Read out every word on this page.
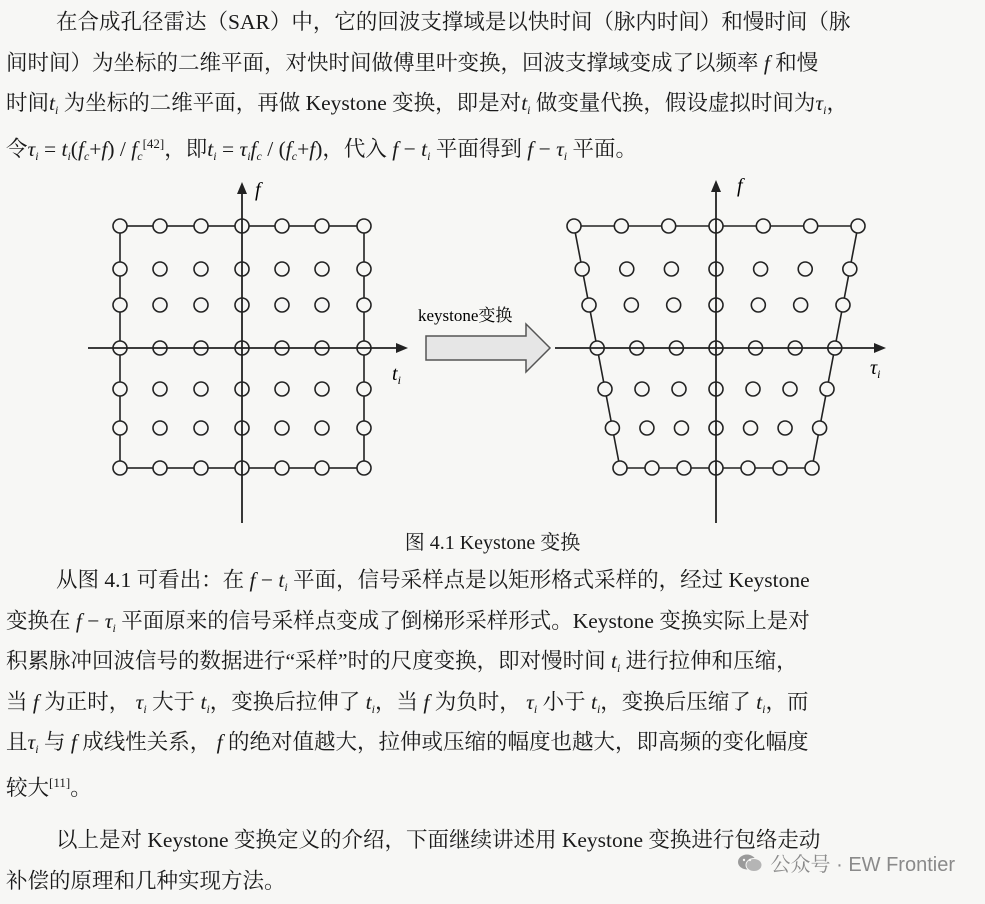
在合成孔径雷达（SAR）中，它的回波支撑域是以快时间（脉内时间）和慢时间（脉
间时间）为坐标的二维平面，对快时间做傅里叶变换，回波支撑域变成了以频率 f 和慢
时间$t_i$ 为坐标的二维平面，再做 Keystone 变换，即是对$t_i$ 做变量代换，假设虚拟时间为$\tau_i$，
令$\tau_i = t_i(f_c+f) / f_c[42]$，即$t_i = \tau_if_c / (f_c+f)$，代入 $f - t_i$ 平面得到 $f - \tau_i$ 平面。
f
$t_i$
f
$\tau_i$
keystone变换
图 4.1 Keystone 变换
从图 4.1 可看出：在 $f - t_i$ 平面，信号采样点是以矩形格式采样的，经过 Keystone
变换在 $f - \tau_i$ 平面原来的信号采样点变成了倒梯形采样形式。Keystone 变换实际上是对
积累脉冲回波信号的数据进行“采样”时的尺度变换，即对慢时间 $t_i$ 进行拉伸和压缩，
当 f 为正时， $\tau_i$ 大于 $t_i$，变换后拉伸了 $t_i$，当 f 为负时， $\tau_i$ 小于 $t_i$，变换后压缩了 $t_i$，而
且$\tau_i$ 与 f 成线性关系， f 的绝对值越大，拉伸或压缩的幅度也越大，即高频的变化幅度
较大[11]。
以上是对 Keystone 变换定义的介绍，下面继续讲述用 Keystone 变换进行包络走动
补偿的原理和几种实现方法。
公众号 · EW Frontier
